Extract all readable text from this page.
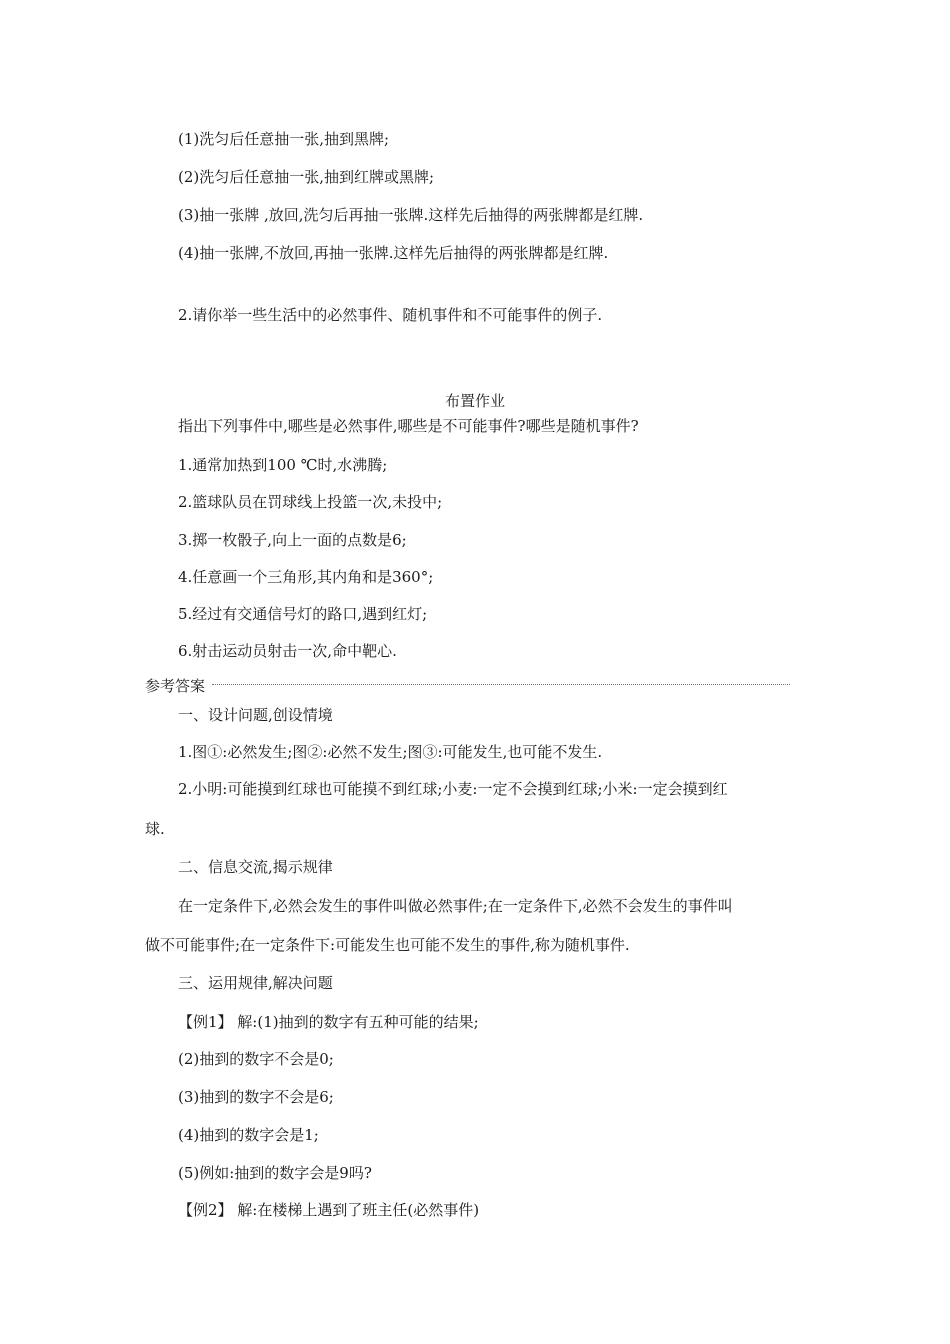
(1)洗匀后任意抽一张,抽到黑牌;
(2)洗匀后任意抽一张,抽到红牌或黑牌;
(3)抽一张牌 ,放回,洗匀后再抽一张牌.这样先后抽得的两张牌都是红牌.
(4)抽一张牌,不放回,再抽一张牌.这样先后抽得的两张牌都是红牌.
2.请你举一些生活中的必然事件、随机事件和不可能事件的例子.
布置作业
指出下列事件中,哪些是必然事件,哪些是不可能事件?哪些是随机事件?
1.通常加热到100 ℃时,水沸腾;
2.篮球队员在罚球线上投篮一次,未投中;
3.掷一枚骰子,向上一面的点数是6;
4.任意画一个三角形,其内角和是360°;
5.经过有交通信号灯的路口,遇到红灯;
6.射击运动员射击一次,命中靶心.
参考答案
一、设计问题,创设情境
1.图①:必然发生;图②:必然不发生;图③:可能发生,也可能不发生.
2.小明:可能摸到红球也可能摸不到红球;小麦:一定不会摸到红球;小米:一定会摸到红
球.
二、信息交流,揭示规律
在一定条件下,必然会发生的事件叫做必然事件;在一定条件下,必然不会发生的事件叫
做不可能事件;在一定条件下:可能发生也可能不发生的事件,称为随机事件.
三、运用规律,解决问题
【例1】 解:(1)抽到的数字有五种可能的结果;
(2)抽到的数字不会是0;
(3)抽到的数字不会是6;
(4)抽到的数字会是1;
(5)例如:抽到的数字会是9吗?
【例2】 解:在楼梯上遇到了班主任(必然事件)
